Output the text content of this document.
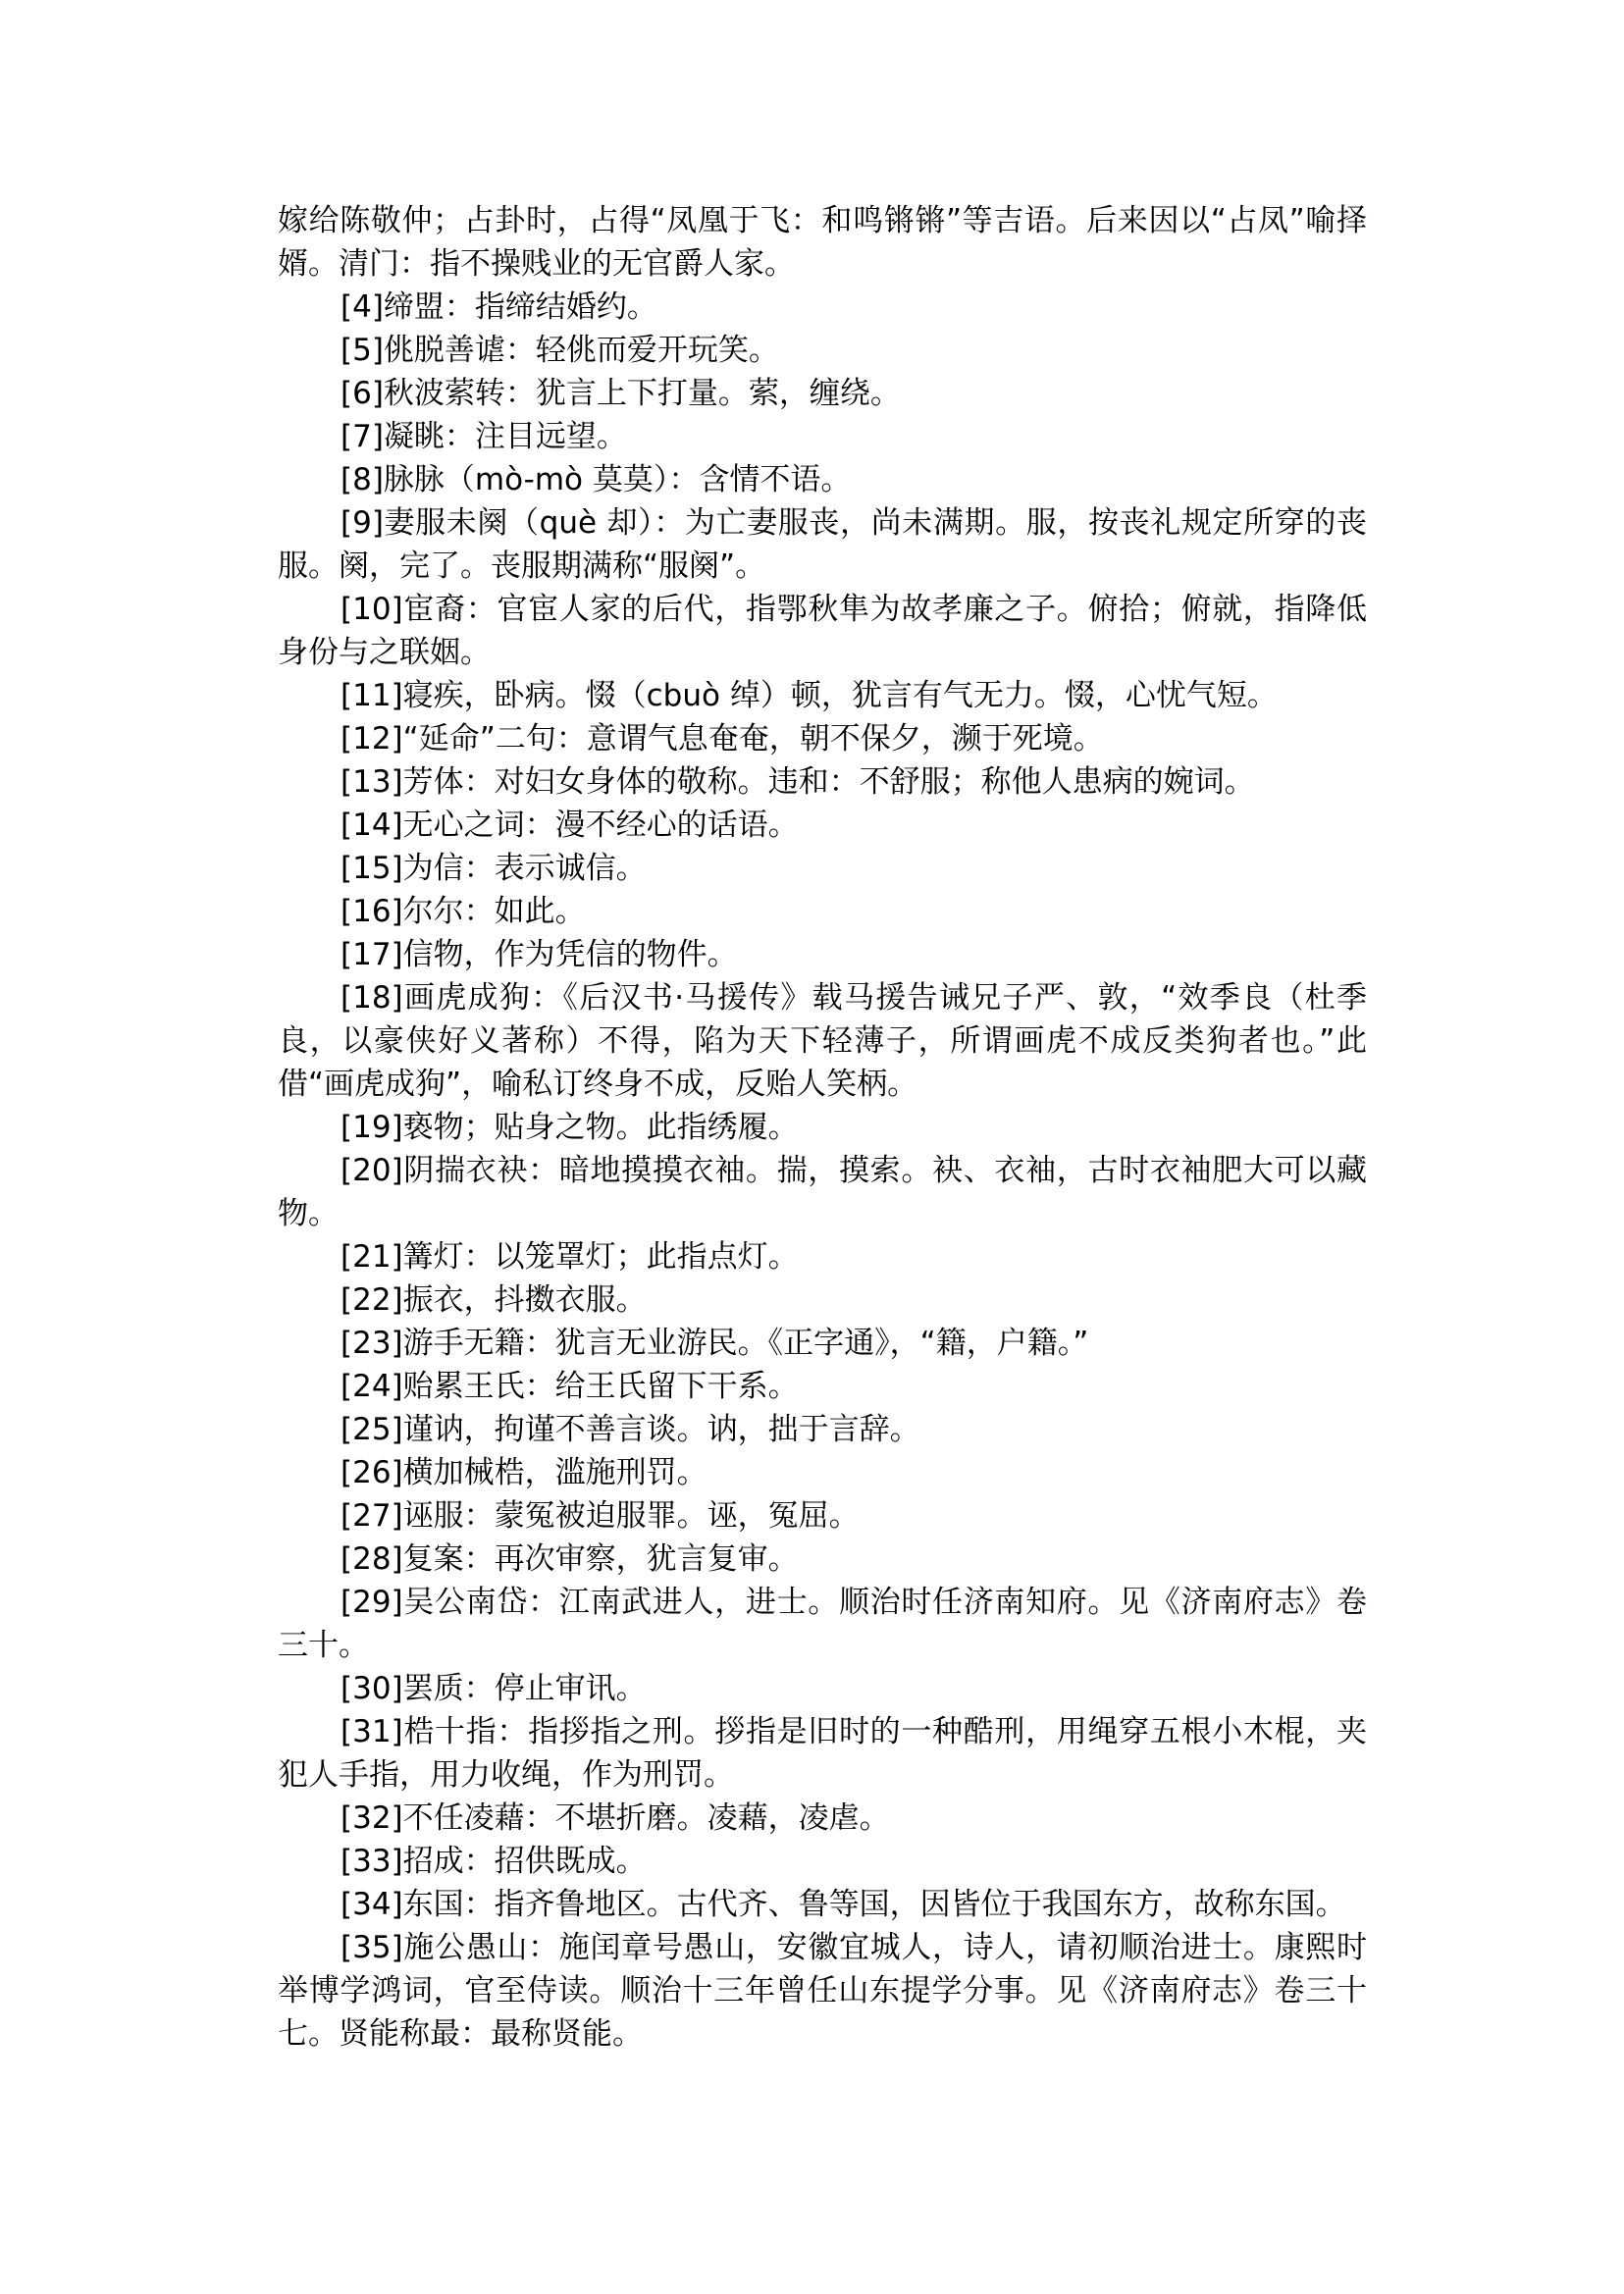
嫁给陈敬仲；占卦时，占得“凤凰于飞：和鸣锵锵”等吉语。后来因以“占凤”喻择婿。清门：指不操贱业的无官爵人家。

[4]缔盟：指缔结婚约。

[5]佻脱善谑：轻佻而爱开玩笑。

[6]秋波萦转：犹言上下打量。萦，缠绕。

[7]凝眺：注目远望。

[8]脉脉（mò-mò 莫莫）：含情不语。

[9]妻服未阕（què 却）：为亡妻服丧，尚未满期。服，按丧礼规定所穿的丧服。阕，完了。丧服期满称“服阕”。

[10]宦裔：官宦人家的后代，指鄂秋隼为故孝廉之子。俯拾；俯就，指降低身份与之联姻。

[11]寝疾，卧病。惙（cbuò 绰）顿，犹言有气无力。惙，心忧气短。

[12]“延命”二句：意谓气息奄奄，朝不保夕，濒于死境。

[13]芳体：对妇女身体的敬称。违和：不舒服；称他人患病的婉词。

[14]无心之词：漫不经心的话语。

[15]为信：表示诚信。

[16]尔尔：如此。

[17]信物，作为凭信的物件。

[18]画虎成狗：《后汉书·马援传》载马援告诫兄子严、敦，“效季良（杜季良，以豪侠好义著称）不得，陷为天下轻薄子，所谓画虎不成反类狗者也。”此借“画虎成狗”，喻私订终身不成，反贻人笑柄。

[19]亵物；贴身之物。此指绣履。

[20]阴揣衣袂：暗地摸摸衣袖。揣，摸索。袂、衣袖，古时衣袖肥大可以藏物。

[21]篝灯：以笼罩灯；此指点灯。

[22]振衣，抖擞衣服。

[23]游手无籍：犹言无业游民。《正字通》，“籍，户籍。”

[24]贻累王氏：给王氏留下干系。

[25]谨讷，拘谨不善言谈。讷，拙于言辞。

[26]横加械梏，滥施刑罚。

[27]诬服：蒙冤被迫服罪。诬，冤屈。

[28]复案：再次审察，犹言复审。

[29]吴公南岱：江南武进人，进士。顺治时任济南知府。见《济南府志》卷三十。

[30]罢质：停止审讯。

[31]梏十指：指拶指之刑。拶指是旧时的一种酷刑，用绳穿五根小木棍，夹犯人手指，用力收绳，作为刑罚。

[32]不任凌藉：不堪折磨。凌藉，凌虐。

[33]招成：招供既成。

[34]东国：指齐鲁地区。古代齐、鲁等国，因皆位于我国东方，故称东国。

[35]施公愚山：施闰章号愚山，安徽宜城人，诗人，请初顺治进士。康熙时举博学鸿词，官至侍读。顺治十三年曾任山东提学分事。见《济南府志》卷三十七。贤能称最：最称贤能。
